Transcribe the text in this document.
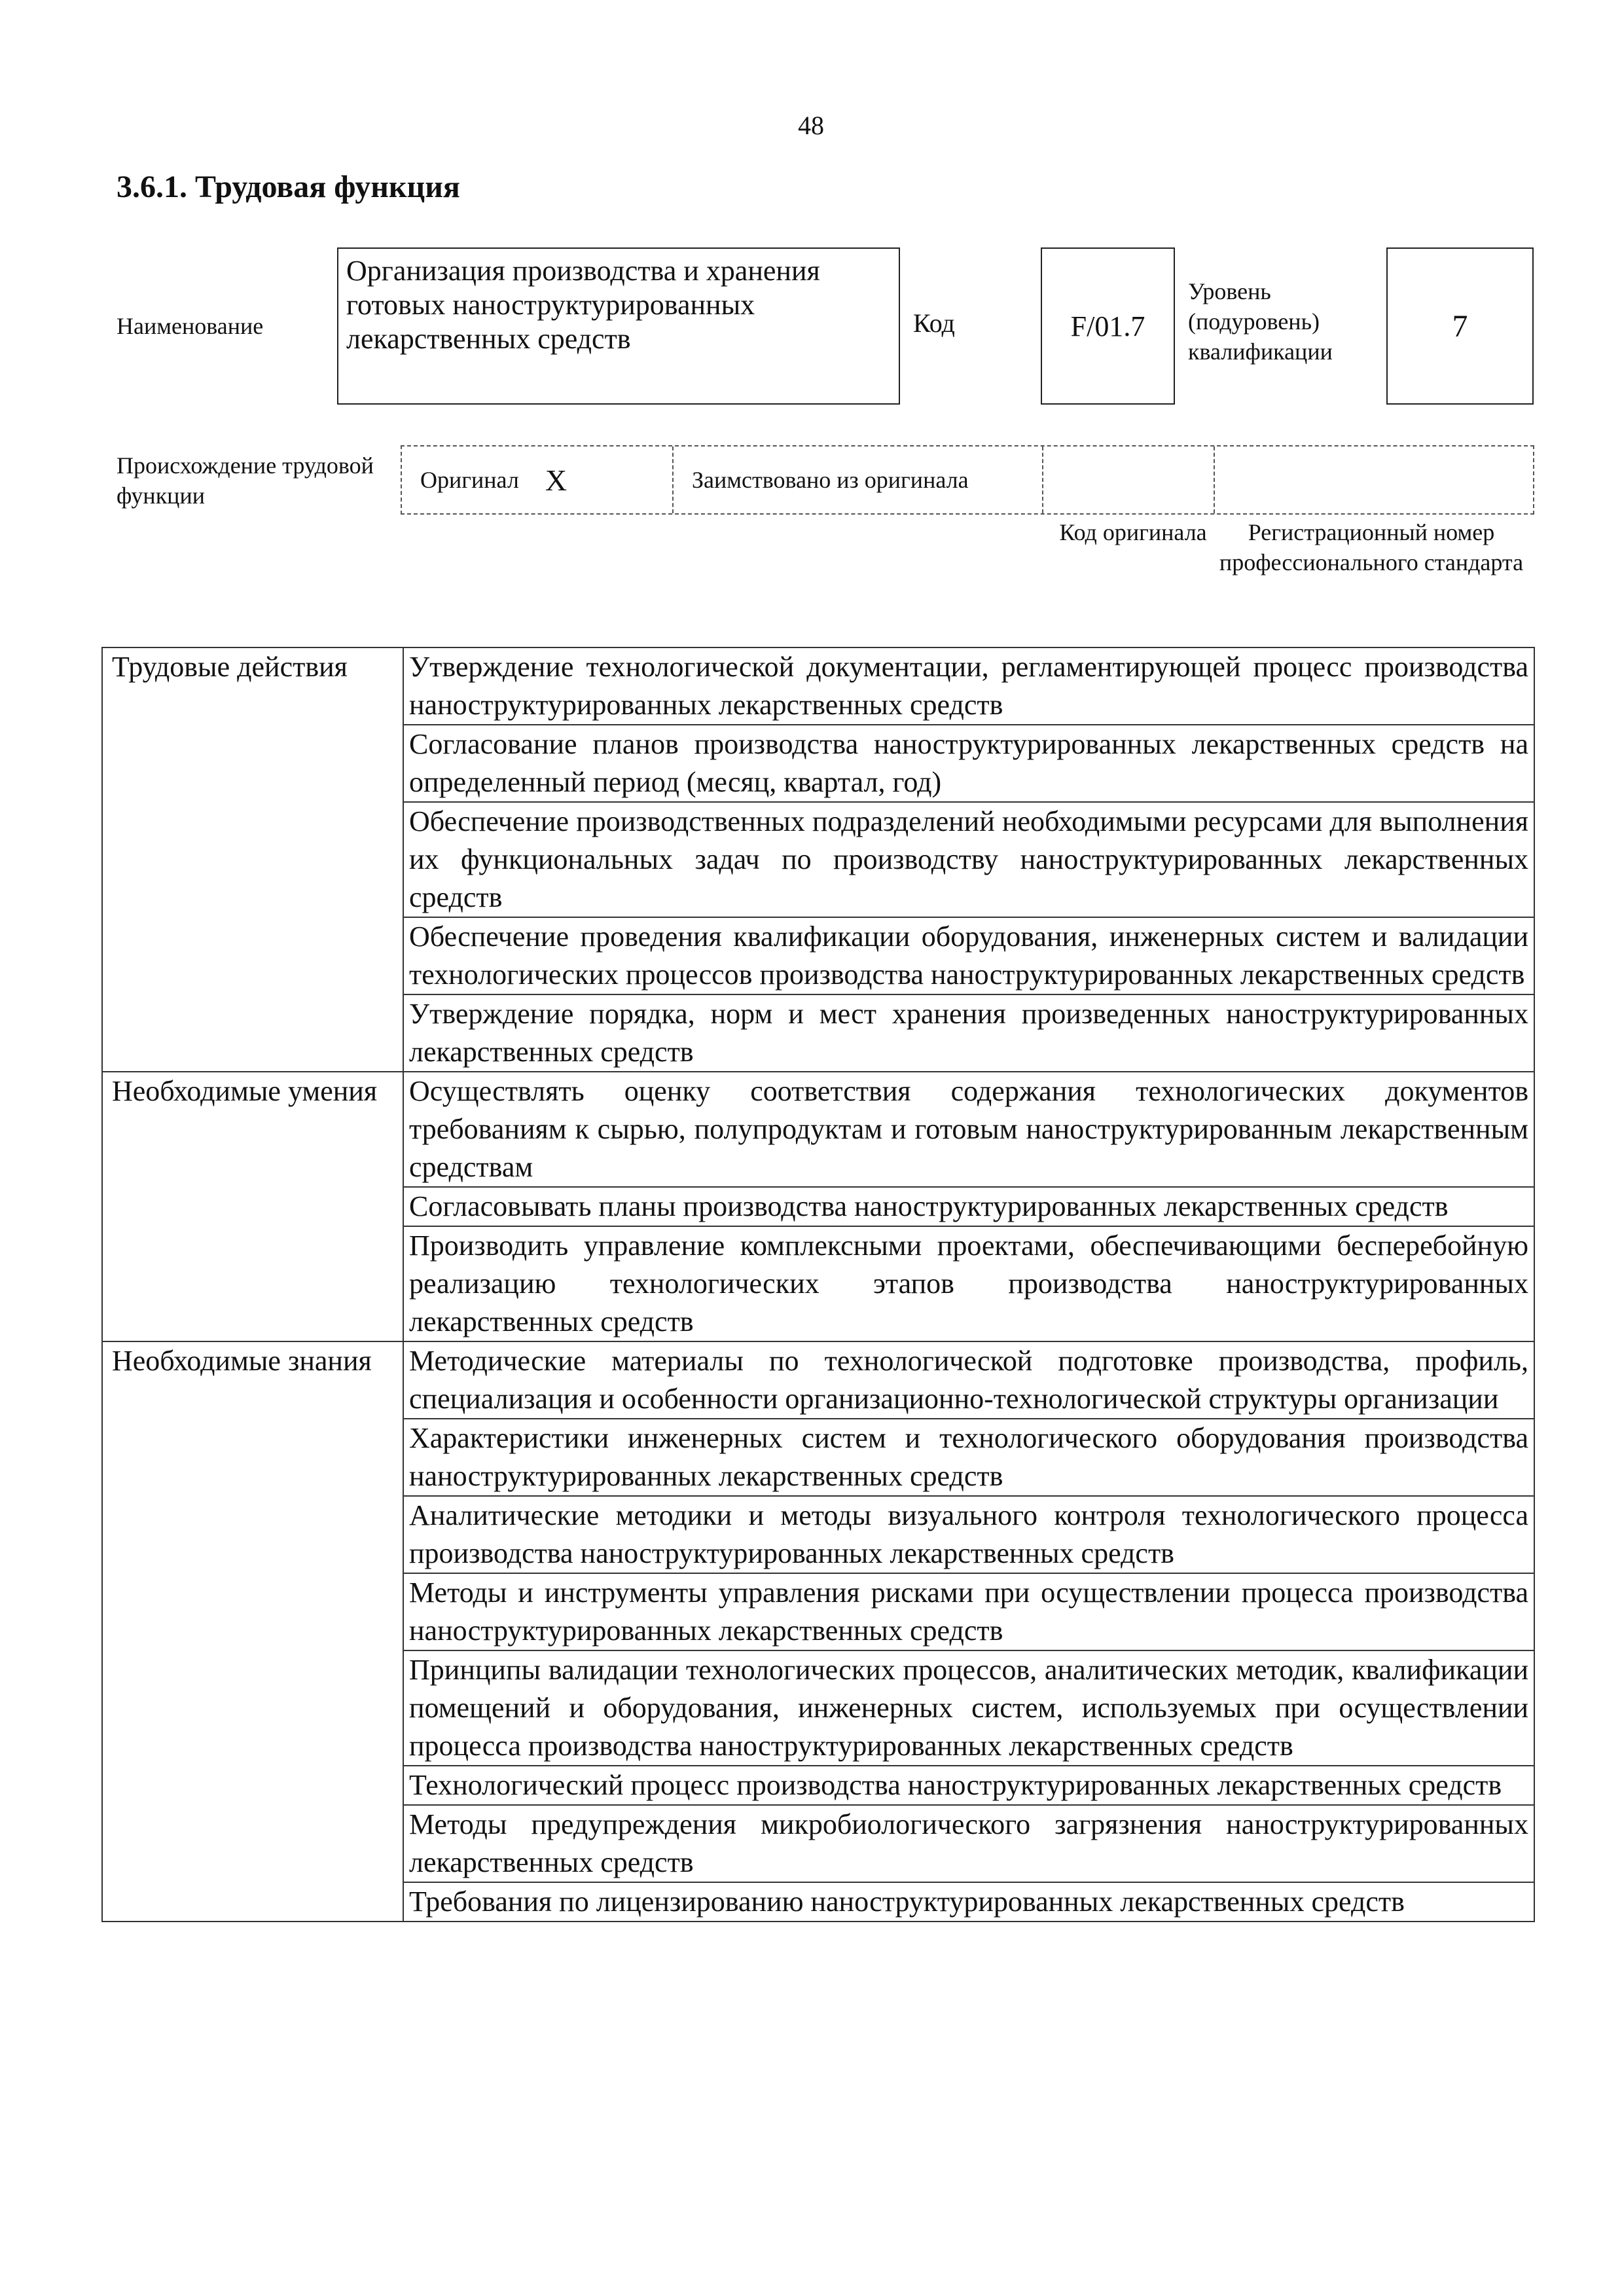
48
3.6.1. Трудовая функция
Наименование
Организация производства и хранения готовых наноструктурированных лекарственных средств	Код	F/01.7
Уровень (подуровень) квалификации
7
Происхождение трудовой функции
Оригинал X	Заимствовано из оригинала
Код оригинала	Регистрационный номер профессионального стандарта
Трудовые действия	Утверждение технологической документации, регламентирующей процесс производства наноструктурированных лекарственных средств
	Согласование планов производства наноструктурированных лекарственных средств на определенный период (месяц, квартал, год)
	Обеспечение производственных подразделений необходимыми ресурсами для выполнения их функциональных задач по производству наноструктурированных лекарственных средств
	Обеспечение проведения квалификации оборудования, инженерных систем и валидации технологических процессов производства наноструктурированных лекарственных средств
	Утверждение порядка, норм и мест хранения произведенных наноструктурированных лекарственных средств
Необходимые умения	Осуществлять оценку соответствия содержания технологических документов требованиям к сырью, полупродуктам и готовым наноструктурированным лекарственным средствам
	Согласовывать планы производства наноструктурированных лекарственных средств
	Производить управление комплексными проектами, обеспечивающими бесперебойную реализацию технологических этапов производства наноструктурированных лекарственных средств
Необходимые знания	Методические материалы по технологической подготовке производства, профиль, специализация и особенности организационно-технологической структуры организации
	Характеристики инженерных систем и технологического оборудования производства наноструктурированных лекарственных средств
	Аналитические методики и методы визуального контроля технологического процесса производства наноструктурированных лекарственных средств
	Методы и инструменты управления рисками при осуществлении процесса производства наноструктурированных лекарственных средств
	Принципы валидации технологических процессов, аналитических методик, квалификации помещений и оборудования, инженерных систем, используемых при осуществлении процесса производства наноструктурированных лекарственных средств
	Технологический процесс производства наноструктурированных лекарственных средств
	Методы предупреждения микробиологического загрязнения наноструктурированных лекарственных средств
	Требования по лицензированию наноструктурированных лекарственных средств
